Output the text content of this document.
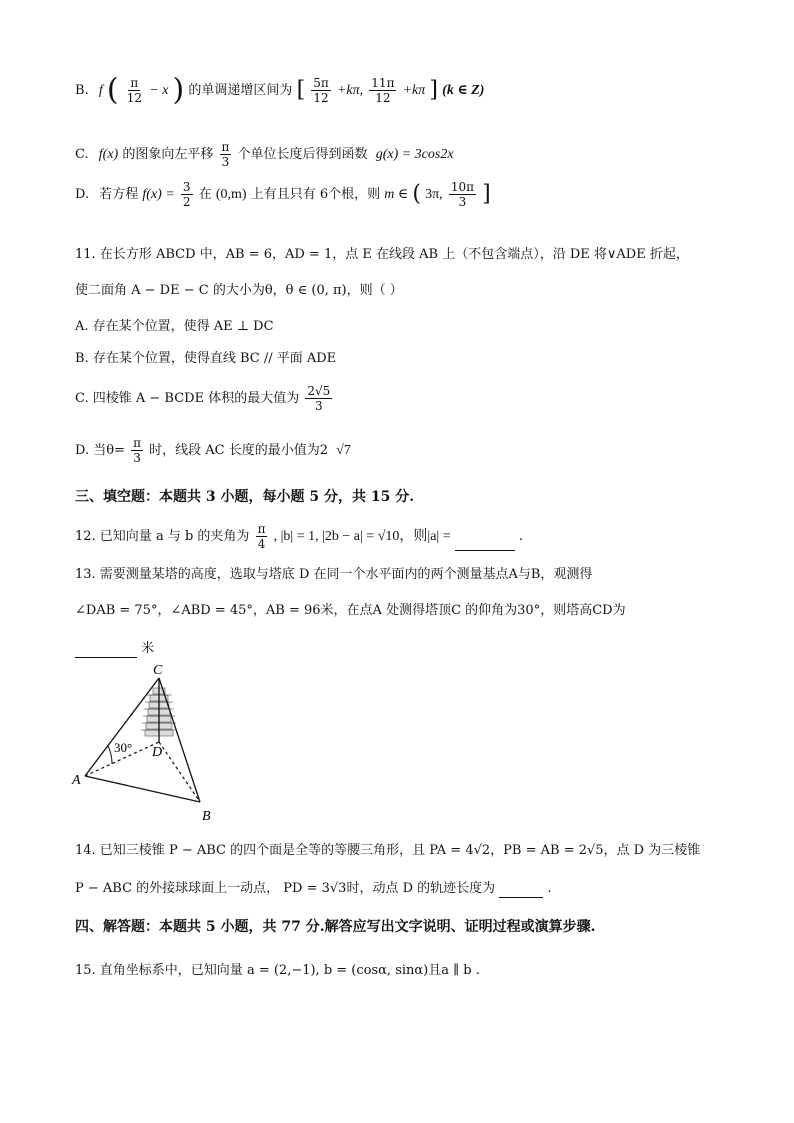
B. f ( $\frac{\pi}{12} - x$ ) 的单调递增区间为 [ $\frac{5\pi}{12} +k\pi$, $\frac{11\pi}{12} +k\pi$ ] (k ∈ Z)
C. f(x) 的图象向左平移 $\frac{\pi}{3}$ 个单位长度后得到函数 g(x) = 3cos2x
D. 若方程 $f(x) = \frac{3}{2}$ 在 (0,m) 上有且只有 6个根，则 m ∈ ( 3π, $\frac{10\pi}{3}$ ]
11. 在长方形 ABCD 中，AB = 6，AD = 1，点 E 在线段 AB 上（不包含端点），沿 DE 将∨ADE 折起，
使二面角 A − DE − C 的大小为θ，θ ∈ (0, π)，则（ ）
A. 存在某个位置，使得 AE ⊥ DC
B. 存在某个位置，使得直线 BC // 平面 ADE
C. 四棱锥 A − BCDE 体积的最大值为 $\frac{2√5}{3}$
D. 当$\theta= \frac{\pi}{3}$ 时，线段 AC 长度的最小值为2 √7
三、填空题：本题共 3 小题，每小题 5 分，共 15 分.
12. 已知向量 a 与 b 的夹角为 $\frac{\pi}{4}$ , |b| = 1, |2b − a| = √10，则|a| =	.
13. 需要测量某塔的高度，选取与塔底 D 在同一个水平面内的两个测量基点A与B，观测得
∠DAB = 75°，∠ABD = 45°，AB = 96米，在点A 处测得塔顶C 的仰角为30°，则塔高CD为
米
C
D
A
B
30°
14. 已知三棱锥 P − ABC 的四个面是全等的等腰三角形，且 PA = 4√2，PB = AB = 2√5，点 D 为三棱锥
P − ABC 的外接球球面上一动点， PD = 3√3时，动点 D 的轨迹长度为	.
四、解答题：本题共 5 小题，共 77 分.解答应写出文字说明、证明过程或演算步骤.
15. 直角坐标系中，已知向量 a = (2,−1), b = (cosα, sinα)且a ∥ b .
